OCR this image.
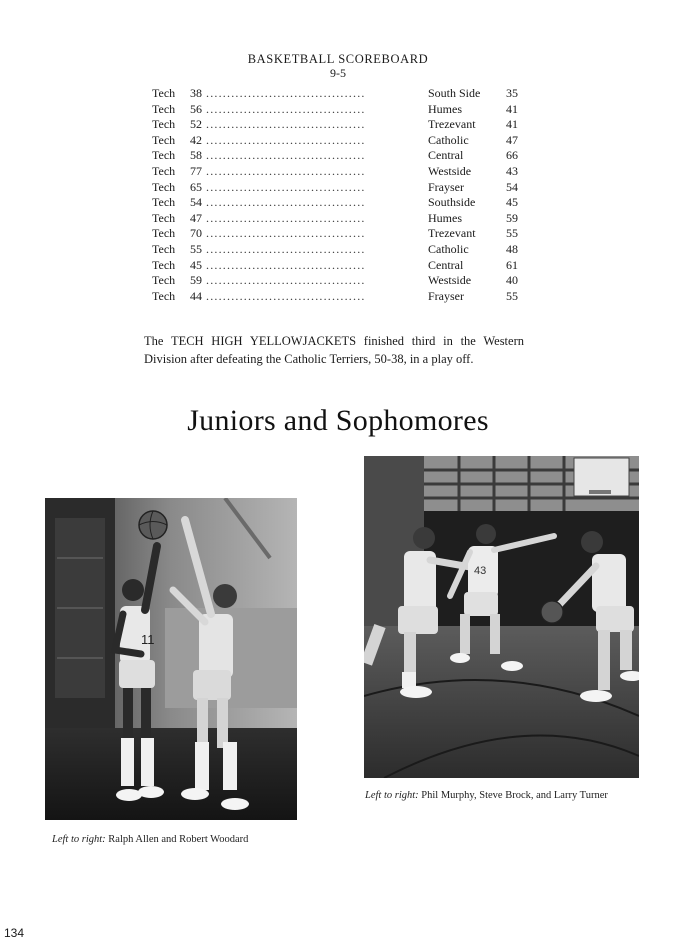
BASKETBALL SCOREBOARD
9-5
Tech 38 ......................................	South Side 35
Tech 56 ......................................	Humes	41
Tech 52 ......................................	Trezevant	41
Tech 42 ......................................	Catholic	47
Tech 58 ......................................	Central	66
Tech 77 ......................................	Westside	43
Tech 65 ......................................	Frayser	54
Tech 54 ......................................	Southside	45
Tech 47 ......................................	Humes	59
Tech 70 ......................................	Trezevant	55
Tech 55 ......................................	Catholic	48
Tech 45 ......................................	Central	61
Tech 59 ......................................	Westside	40
Tech 44 ......................................	Frayser	55
The TECH HIGH YELLOWJACKETS finished third in the Western Division after defeating the Catholic Terriers, 50-38, in a play off.
Juniors and Sophomores
11
43
Left to right: Ralph Allen and Robert Woodard
Left to right: Phil Murphy, Steve Brock, and Larry Turner
134
